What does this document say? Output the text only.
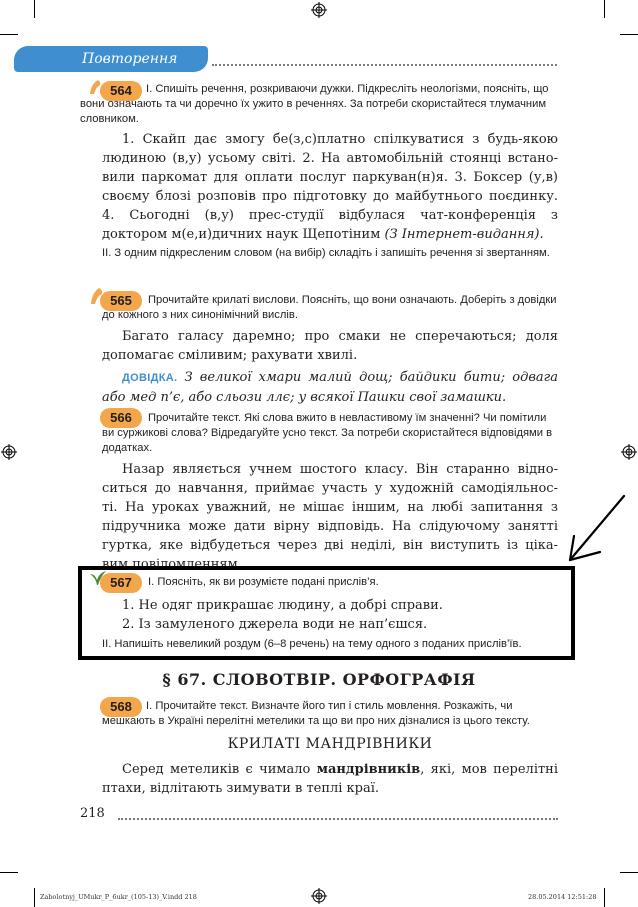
Повторення
564	I. Спишіть речення, розкриваючи дужки. Підкресліть неологізми, поясніть, що вони означають та чи доречно їх ужито в реченнях. За потреби скористайтеся тлумачним словником.
1. Скайп дає змогу бе(з,с)платно спілкуватися з будь-якою
людиною (в,у) усьому світі. 2. На автомобільній стоянці встано-
вили паркомат для оплати послуг паркуван(н)я. 3. Боксер (у,в)
своєму блозі розповів про підготовку до майбутнього поєдинку.
4. Сьогодні (в,у) прес-студії відбулася чат-конференція з доктором м(е,и)дичних наук Щепотіним (З Інтернет-видання).
II. З одним підкресленим словом (на вибір) складіть і запишіть речення зі звертанням.
565	Прочитайте крилаті вислови. Поясніть, що вони означають. Доберіть з довідки до кожного з них синонімічний вислів.
Багато галасу даремно; про смаки не сперечаються; доля
допомагає сміливим; рахувати хвилі.
ДОВІДКА. З великої хмари малий дощ; байдики бити; одвага
або мед п’є, або сльози ллє; у всякої Пашки свої замашки.
566	Прочитайте текст. Які слова вжито в невластивому їм значенні? Чи помітили ви суржикові слова? Відредагуйте усно текст. За потреби скористайтеся відповідями в додатках.
Назар являється учнем шостого класу. Він старанно відно-
ситься до навчання, приймає участь у художній самодіяльнос-
ті. На уроках уважний, не мішає іншим, на любі запитання з
підручника може дати вірну відповідь. На слідуючому занятті
гуртка, яке відбудеться через дві неділі, він виступить із ціка-
вим повідомленням.
567	I. Поясніть, як ви розумієте подані прислів’я.
1. Не одяг прикрашає людину, а добрі справи.
2. Із замуленого джерела води не нап’єшся.
II. Напишіть невеликий роздум (6–8 речень) на тему одного з поданих прислів’їв.
§ 67. СЛОВОТВІР. ОРФОГРАФІЯ
568	I. Прочитайте текст. Визначте його тип і стиль мовлення. Розкажіть, чи мешкають в Україні перелітні метелики та що ви про них дізналися із цього тексту.
КРИЛАТІ МАНДРІВНИКИ
Серед метеликів є чимало мандрівників, які, мов перелітні
птахи, відлітають зимувати в теплі краї.
218
Zabolotnyj_UMukr_P_6ukr_(105-13)_V.indd 218	28.05.2014 12:51:28
